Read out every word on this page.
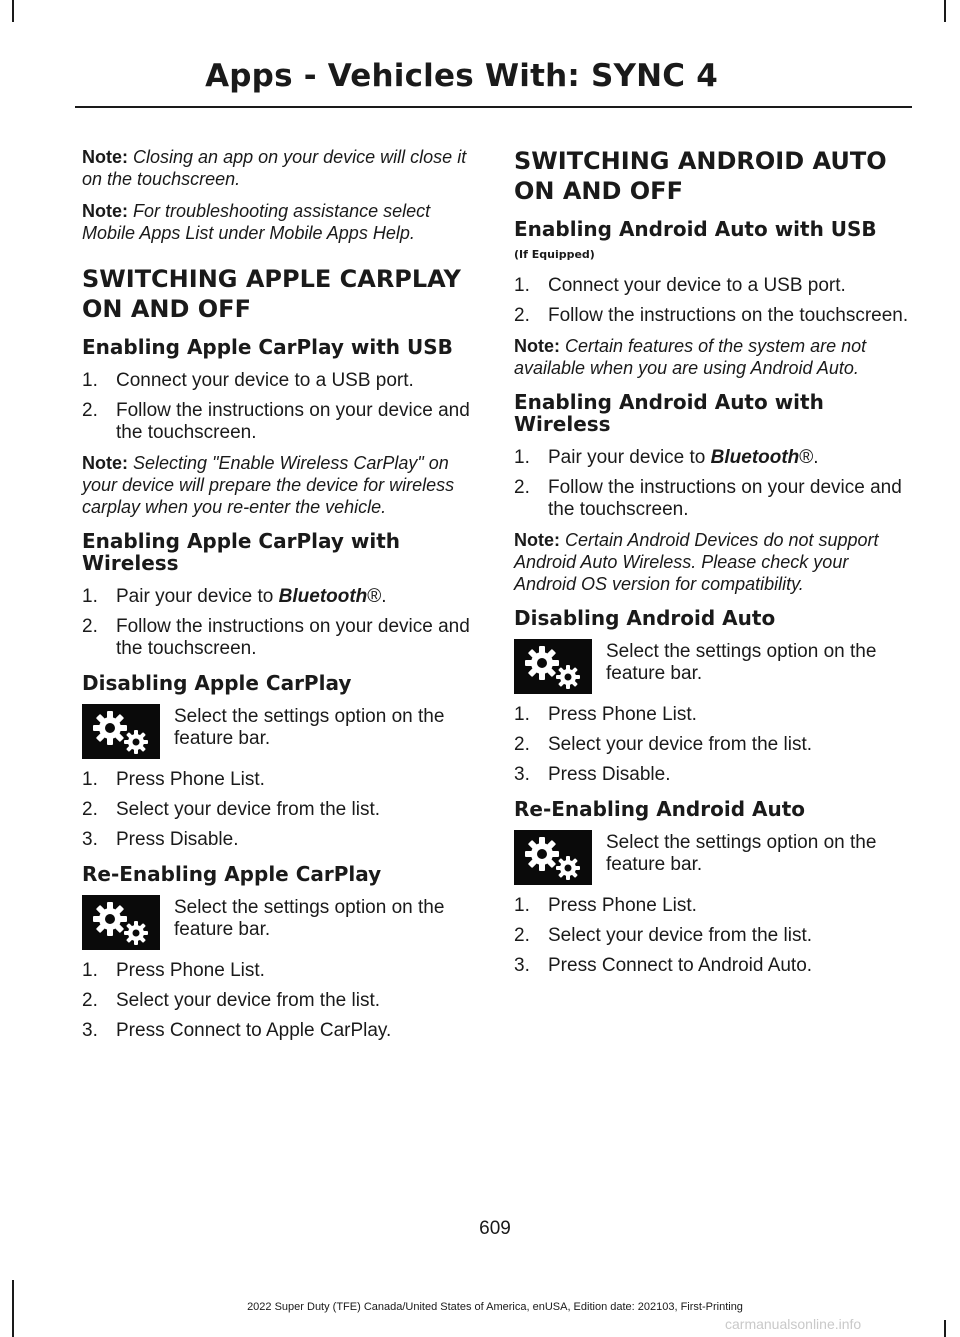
Apps - Vehicles With: SYNC 4

Note: Closing an app on your device will close it on the touchscreen.

Note: For troubleshooting assistance select Mobile Apps List under Mobile Apps Help.

SWITCHING APPLE CARPLAY
ON AND OFF
Enabling Apple CarPlay with USB
1. Connect your device to a USB port.
2. Follow the instructions on your device and the touchscreen.

Note: Selecting "Enable Wireless CarPlay" on your device will prepare the device for wireless carplay when you re-enter the vehicle.

Enabling Apple CarPlay with Wireless
1. Pair your device to Bluetooth®.
2. Follow the instructions on your device and the touchscreen.
Disabling Apple CarPlay
Select the settings option on the feature bar.
1. Press Phone List.
2. Select your device from the list.
3. Press Disable.
Re-Enabling Apple CarPlay
Select the settings option on the feature bar.
1. Press Phone List.
2. Select your device from the list.
3. Press Connect to Apple CarPlay.
SWITCHING ANDROID AUTO
ON AND OFF
Enabling Android Auto with USB
(If Equipped)
1. Connect your device to a USB port.
2. Follow the instructions on the touchscreen.

Note: Certain features of the system are not available when you are using Android Auto.

Enabling Android Auto with Wireless
1. Pair your device to Bluetooth®.
2. Follow the instructions on your device and the touchscreen.

Note: Certain Android Devices do not support Android Auto Wireless. Please check your Android OS version for compatibility.

Disabling Android Auto
Select the settings option on the feature bar.
1. Press Phone List.
2. Select your device from the list.
3. Press Disable.
Re-Enabling Android Auto
Select the settings option on the feature bar.
1. Press Phone List.
2. Select your device from the list.
3. Press Connect to Android Auto.
609
2022 Super Duty (TFE) Canada/United States of America, enUSA, Edition date: 202103, First-Printing
carmanualsonline.info
